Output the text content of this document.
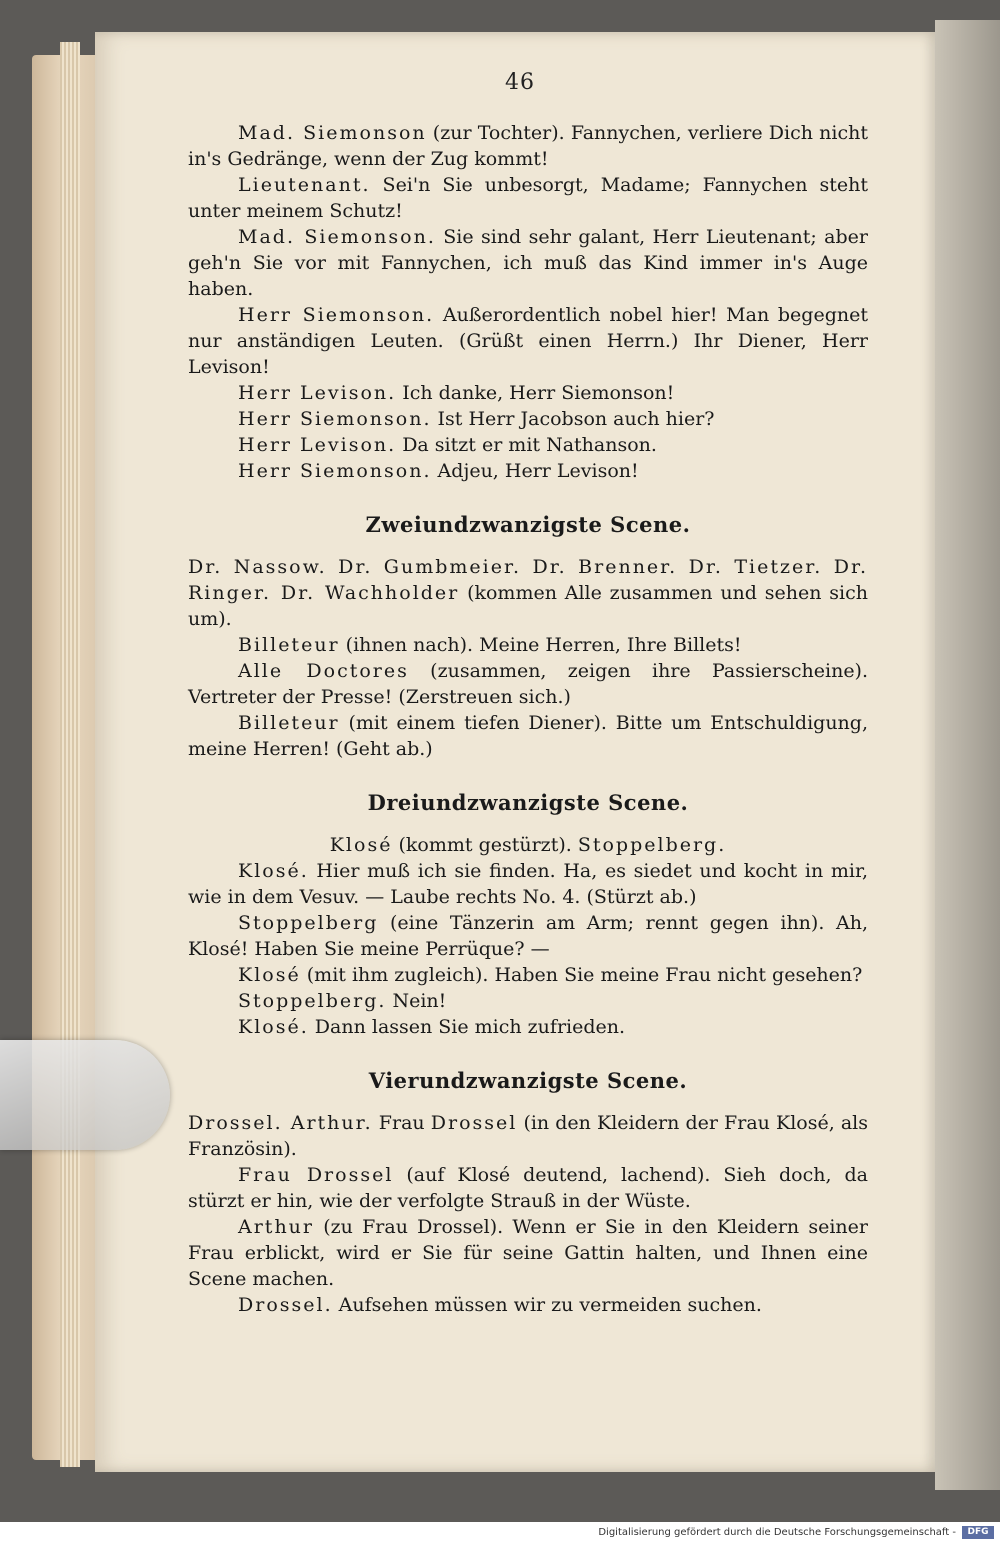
46

Mad. Siemonson (zur Tochter). Fannychen, verliere Dich nicht in's Gedränge, wenn der Zug kommt!

Lieutenant. Sei'n Sie unbesorgt, Madame; Fannychen steht unter meinem Schutz!

Mad. Siemonson. Sie sind sehr galant, Herr Lieutenant; aber geh'n Sie vor mit Fannychen, ich muß das Kind immer in's Auge haben.

Herr Siemonson. Außerordentlich nobel hier! Man begegnet nur anständigen Leuten. (Grüßt einen Herrn.) Ihr Diener, Herr Levison!

Herr Levison. Ich danke, Herr Siemonson!

Herr Siemonson. Ist Herr Jacobson auch hier?

Herr Levison. Da sitzt er mit Nathanson.

Herr Siemonson. Adjeu, Herr Levison!

Zweiundzwanzigste Scene.

Dr. Nassow. Dr. Gumbmeier. Dr. Brenner. Dr. Tietzer. Dr. Ringer. Dr. Wachholder (kommen Alle zusammen und sehen sich um).

Billeteur (ihnen nach). Meine Herren, Ihre Billets!

Alle Doctores (zusammen, zeigen ihre Passierscheine). Vertreter der Presse! (Zerstreuen sich.)

Billeteur (mit einem tiefen Diener). Bitte um Entschuldigung, meine Herren! (Geht ab.)

Dreiundzwanzigste Scene.

Klosé (kommt gestürzt). Stoppelberg.

Klosé. Hier muß ich sie finden. Ha, es siedet und kocht in mir, wie in dem Vesuv. — Laube rechts No. 4. (Stürzt ab.)

Stoppelberg (eine Tänzerin am Arm; rennt gegen ihn). Ah, Klosé! Haben Sie meine Perrüque? —

Klosé (mit ihm zugleich). Haben Sie meine Frau nicht gesehen?

Stoppelberg. Nein!

Klosé. Dann lassen Sie mich zufrieden.

Vierundzwanzigste Scene.

Drossel. Arthur. Frau Drossel (in den Kleidern der Frau Klosé, als Französin).

Frau Drossel (auf Klosé deutend, lachend). Sieh doch, da stürzt er hin, wie der verfolgte Strauß in der Wüste.

Arthur (zu Frau Drossel). Wenn er Sie in den Kleidern seiner Frau erblickt, wird er Sie für seine Gattin halten, und Ihnen eine Scene machen.

Drossel. Aufsehen müssen wir zu vermeiden suchen.

Digitalisierung gefördert durch die Deutsche Forschungsgemeinschaft -	DFG
